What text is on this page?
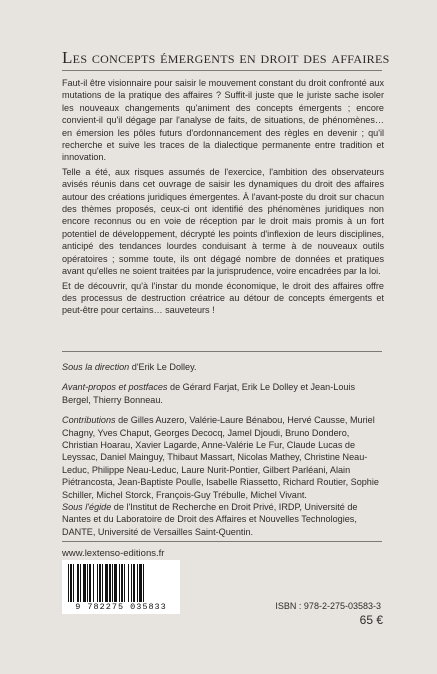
Les concepts émergents en droit des affaires

Faut-il être visionnaire pour saisir le mouvement constant du droit confronté aux mutations de la pratique des affaires ? Suffit-il juste que le juriste sache isoler les nouveaux changements qu'animent des concepts émergents ; encore convient-il qu'il dégage par l'analyse de faits, de situations, de phénomènes… en émersion les pôles futurs d'ordonnancement des règles en devenir ; qu'il recherche et suive les traces de la dialectique permanente entre tradition et innovation.

Telle a été, aux risques assumés de l'exercice, l'ambition des observateurs avisés réunis dans cet ouvrage de saisir les dynamiques du droit des affaires autour des créations juridiques émergentes. À l'avant-poste du droit sur chacun des thèmes proposés, ceux-ci ont identifié des phénomènes juridiques non encore reconnus ou en voie de réception par le droit mais promis à un fort potentiel de développement, décrypté les points d'inflexion de leurs disciplines, anticipé des tendances lourdes conduisant à terme à de nouveaux outils opératoires ; somme toute, ils ont dégagé nombre de données et pratiques avant qu'elles ne soient traitées par la jurisprudence, voire encadrées par la loi.

Et de découvrir, qu'à l'instar du monde économique, le droit des affaires offre des processus de destruction créatrice au détour de concepts émergents et peut-être pour certains… sauveteurs !

Sous la direction d'Erik Le Dolley.

Avant-propos et postfaces de Gérard Farjat, Erik Le Dolley et Jean-Louis Bergel, Thierry Bonneau.

Contributions de Gilles Auzero, Valérie-Laure Bénabou, Hervé Causse, Muriel Chagny, Yves Chaput, Georges Decocq, Jamel Djoudi, Bruno Dondero, Christian Hoarau, Xavier Lagarde, Anne-Valérie Le Fur, Claude Lucas de Leyssac, Daniel Mainguy, Thibaut Massart, Nicolas Mathey, Christine Neau-Leduc, Philippe Neau-Leduc, Laure Nurit-Pontier, Gilbert Parléani, Alain Piétrancosta, Jean-Baptiste Poulle, Isabelle Riassetto, Richard Routier, Sophie Schiller, Michel Storck, François-Guy Trébulle, Michel Vivant.

Sous l'égide de l'Institut de Recherche en Droit Privé, IRDP, Université de Nantes et du Laboratoire de Droit des Affaires et Nouvelles Technologies, DANTE, Université de Versailles Saint-Quentin.

www.lextenso-editions.fr
9 782275 035833	ISBN : 978-2-275-03583-3
65 €
